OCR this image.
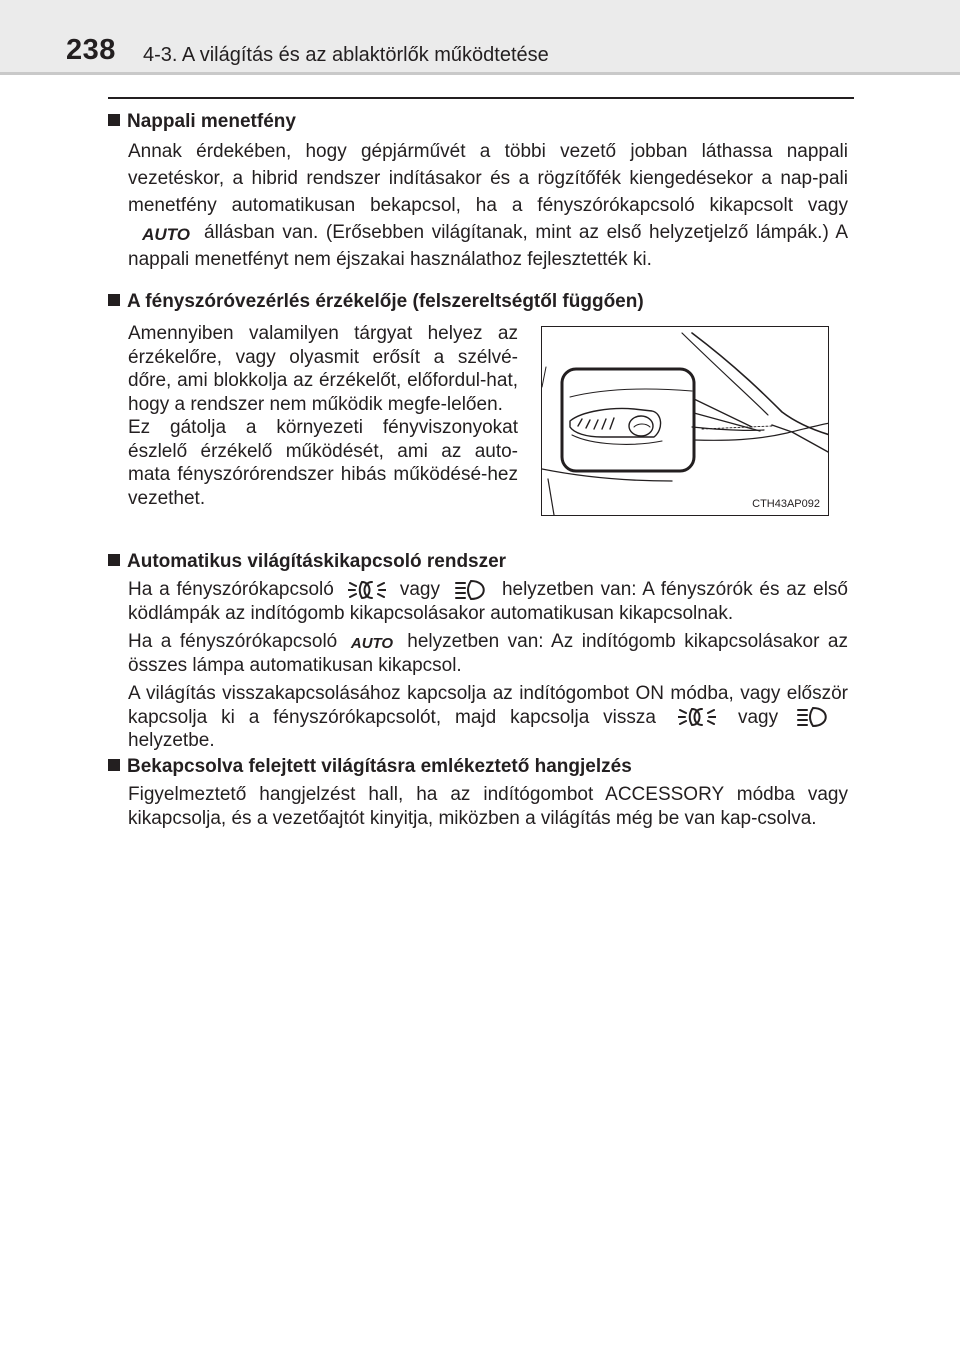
238 4-3. A világítás és az ablaktörlők működtetése
Nappali menetfény
Annak érdekében, hogy gépjárművét a többi vezető jobban láthassa nappali vezetéskor, a hibrid rendszer indításakor és a rögzítőfék kiengedésekor a nap-pali menetfény automatikusan bekapcsol, ha a fényszórókapcsoló kikapcsolt vagy
AUTO állásban van. (Erősebben világítanak, mint az első helyzetjelző lámpák.) A nappali menetfényt nem éjszakai használathoz fejlesztették ki.
A fényszóróvezérlés érzékelője (felszereltségtől függően)
Amennyiben valamilyen tárgyat helyez az érzékelőre, vagy olyasmit erősít a szélvé-dőre, ami blokkolja az érzékelőt, előfordul-hat, hogy a rendszer nem működik megfe-lelően.
Ez gátolja a környezeti fényviszonyokat észlelő érzékelő működését, ami az auto-mata fényszórórendszer hibás működésé-hez vezethet.	CTH43AP092
Automatikus világításkikapcsoló rendszer
Ha a fényszórókapcsoló	vagy	helyzetben van: A fényszórók és az első ködlámpák az indítógomb kikapcsolásakor automatikusan kikapcsolnak.
Ha a fényszórókapcsoló AUTO helyzetben van: Az indítógomb kikapcsolásakor az összes lámpa automatikusan kikapcsol.
A világítás visszakapcsolásához kapcsolja az indítógombot ON módba, vagy először kapcsolja ki a fényszórókapcsolót, majd kapcsolja vissza	vagy
helyzetbe.
Bekapcsolva felejtett világításra emlékeztető hangjelzés
Figyelmeztető hangjelzést hall, ha az indítógombot ACCESSORY módba vagy kikapcsolja, és a vezetőajtót kinyitja, miközben a világítás még be van kap-csolva.
